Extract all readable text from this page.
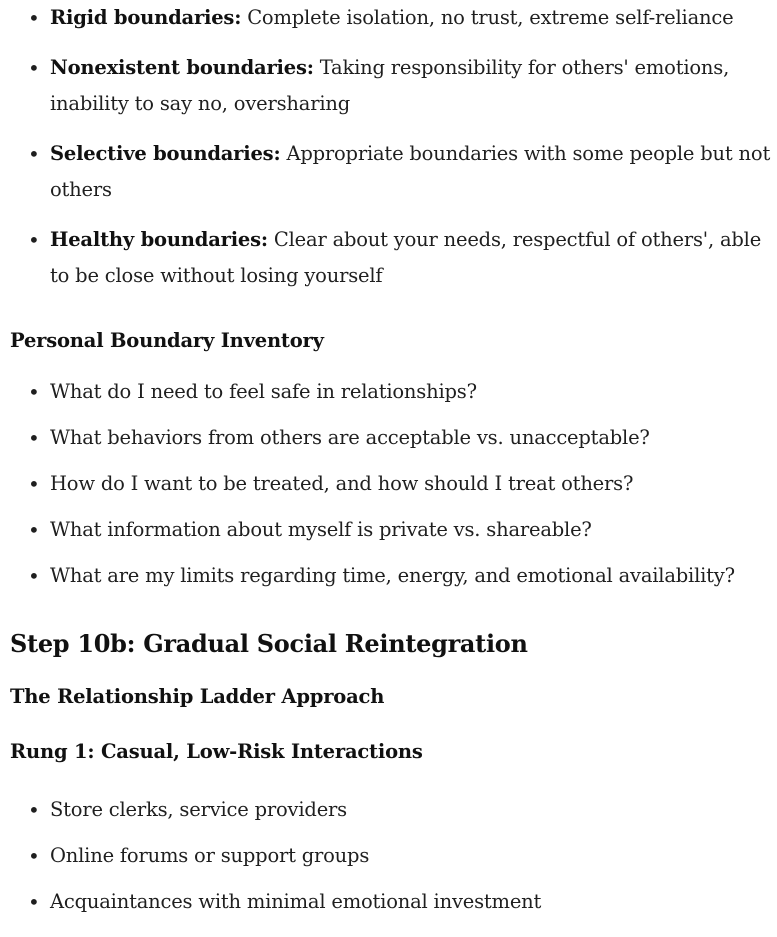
• Rigid boundaries: Complete isolation, no trust, extreme self-reliance
• Nonexistent boundaries: Taking responsibility for others' emotions, inability to say no, oversharing
• Selective boundaries: Appropriate boundaries with some people but not others
• Healthy boundaries: Clear about your needs, respectful of others', able to be close without losing yourself
Personal Boundary Inventory
• What do I need to feel safe in relationships?
• What behaviors from others are acceptable vs. unacceptable?
• How do I want to be treated, and how should I treat others?
• What information about myself is private vs. shareable?
• What are my limits regarding time, energy, and emotional availability?
Step 10b: Gradual Social Reintegration
The Relationship Ladder Approach
Rung 1: Casual, Low-Risk Interactions
• Store clerks, service providers
• Online forums or support groups
• Acquaintances with minimal emotional investment
